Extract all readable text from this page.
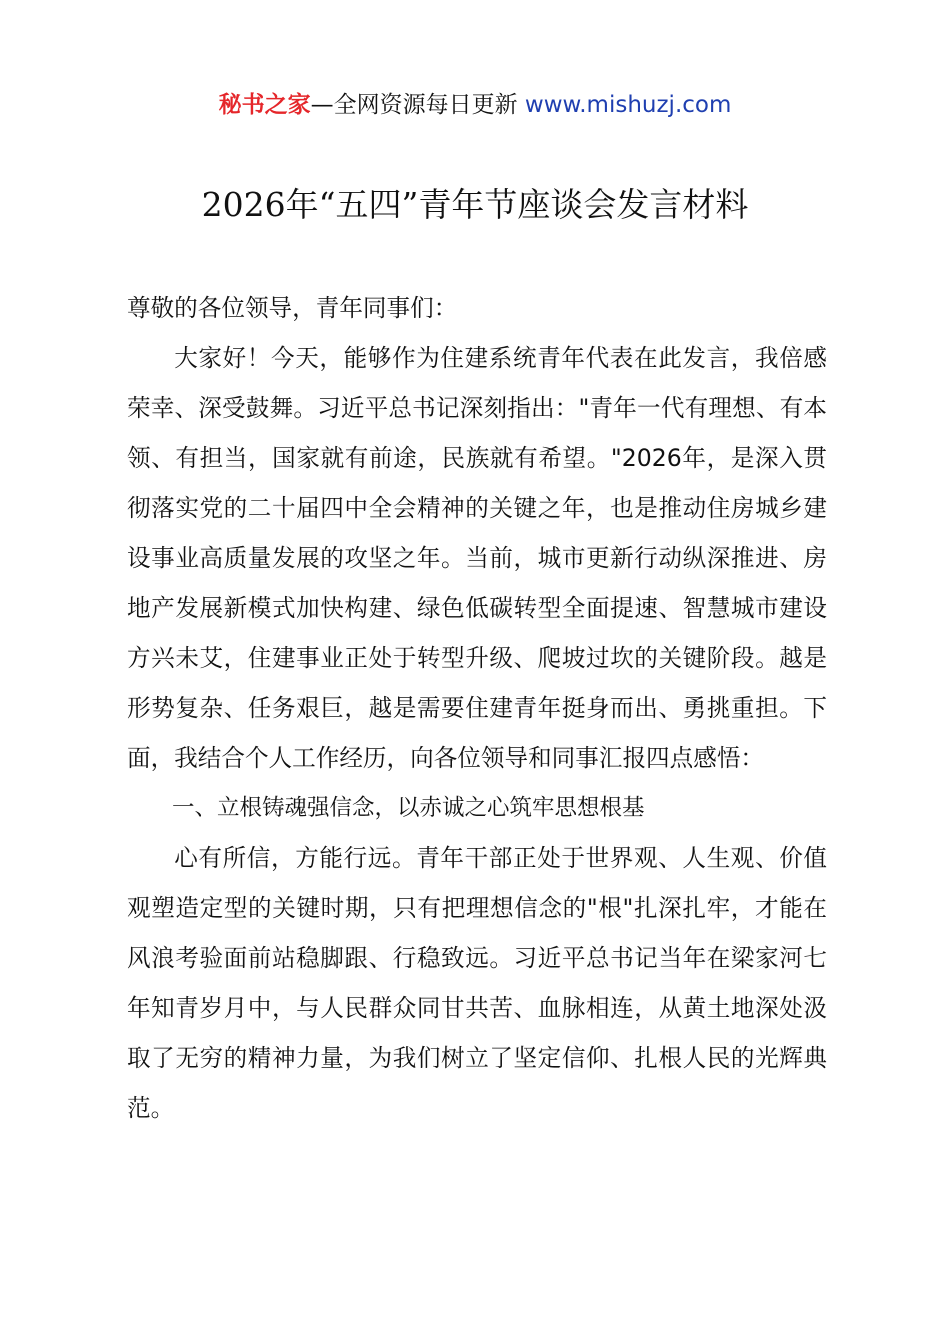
秘书之家—全网资源每日更新 www.mishuzj.com
2026年“五四”青年节座谈会发言材料

尊敬的各位领导，青年同事们：

大家好！今天，能够作为住建系统青年代表在此发言，我倍感荣幸、深受鼓舞。习近平总书记深刻指出："青年一代有理想、有本领、有担当，国家就有前途，民族就有希望。"2026年，是深入贯彻落实党的二十届四中全会精神的关键之年，也是推动住房城乡建设事业高质量发展的攻坚之年。当前，城市更新行动纵深推进、房地产发展新模式加快构建、绿色低碳转型全面提速、智慧城市建设方兴未艾，住建事业正处于转型升级、爬坡过坎的关键阶段。越是形势复杂、任务艰巨，越是需要住建青年挺身而出、勇挑重担。下面，我结合个人工作经历，向各位领导和同事汇报四点感悟：

一、立根铸魂强信念，以赤诚之心筑牢思想根基

心有所信，方能行远。青年干部正处于世界观、人生观、价值观塑造定型的关键时期，只有把理想信念的"根"扎深扎牢，才能在风浪考验面前站稳脚跟、行稳致远。习近平总书记当年在梁家河七年知青岁月中，与人民群众同甘共苦、血脉相连，从黄土地深处汲取了无穷的精神力量，为我们树立了坚定信仰、扎根人民的光辉典范。
